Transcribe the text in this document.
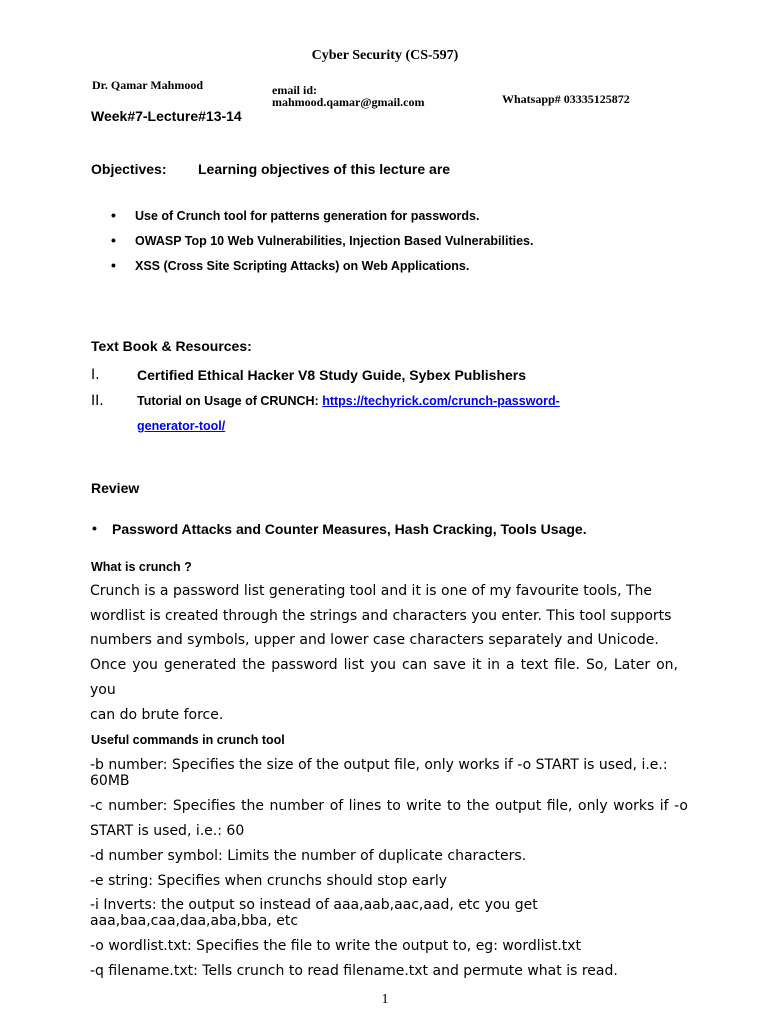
Cyber Security (CS-597)
Dr. Qamar Mahmood	email id:
mahmood.qamar@gmail.com	Whatsapp# 03335125872
Week#7-Lecture#13-14
Objectives: Learning objectives of this lecture are
• Use of Crunch tool for patterns generation for passwords.
• OWASP Top 10 Web Vulnerabilities, Injection Based Vulnerabilities.
• XSS (Cross Site Scripting Attacks) on Web Applications.
Text Book & Resources:
I.	Certified Ethical Hacker V8 Study Guide, Sybex Publishers
II.	Tutorial on Usage of CRUNCH: https://techyrick.com/crunch-password-
generator-tool/
Review
• Password Attacks and Counter Measures, Hash Cracking, Tools Usage.
What is crunch ?
Crunch is a password list generating tool and it is one of my favourite tools, The
wordlist is created through the strings and characters you enter. This tool supports
numbers and symbols, upper and lower case characters separately and Unicode.
Once you generated the password list you can save it in a text file. So, Later on, you
can do brute force.
Useful commands in crunch tool
-b number: Specifies the size of the output file, only works if -o START is used, i.e.:
60MB
-c number: Specifies the number of lines to write to the output file, only works if -o
START is used, i.e.: 60
-d number symbol: Limits the number of duplicate characters.
-e string: Specifies when crunchs should stop early
-i Inverts: the output so instead of aaa,aab,aac,aad, etc you get
aaa,baa,caa,daa,aba,bba, etc
-o wordlist.txt: Specifies the file to write the output to, eg: wordlist.txt
-q filename.txt: Tells crunch to read filename.txt and permute what is read.
1
